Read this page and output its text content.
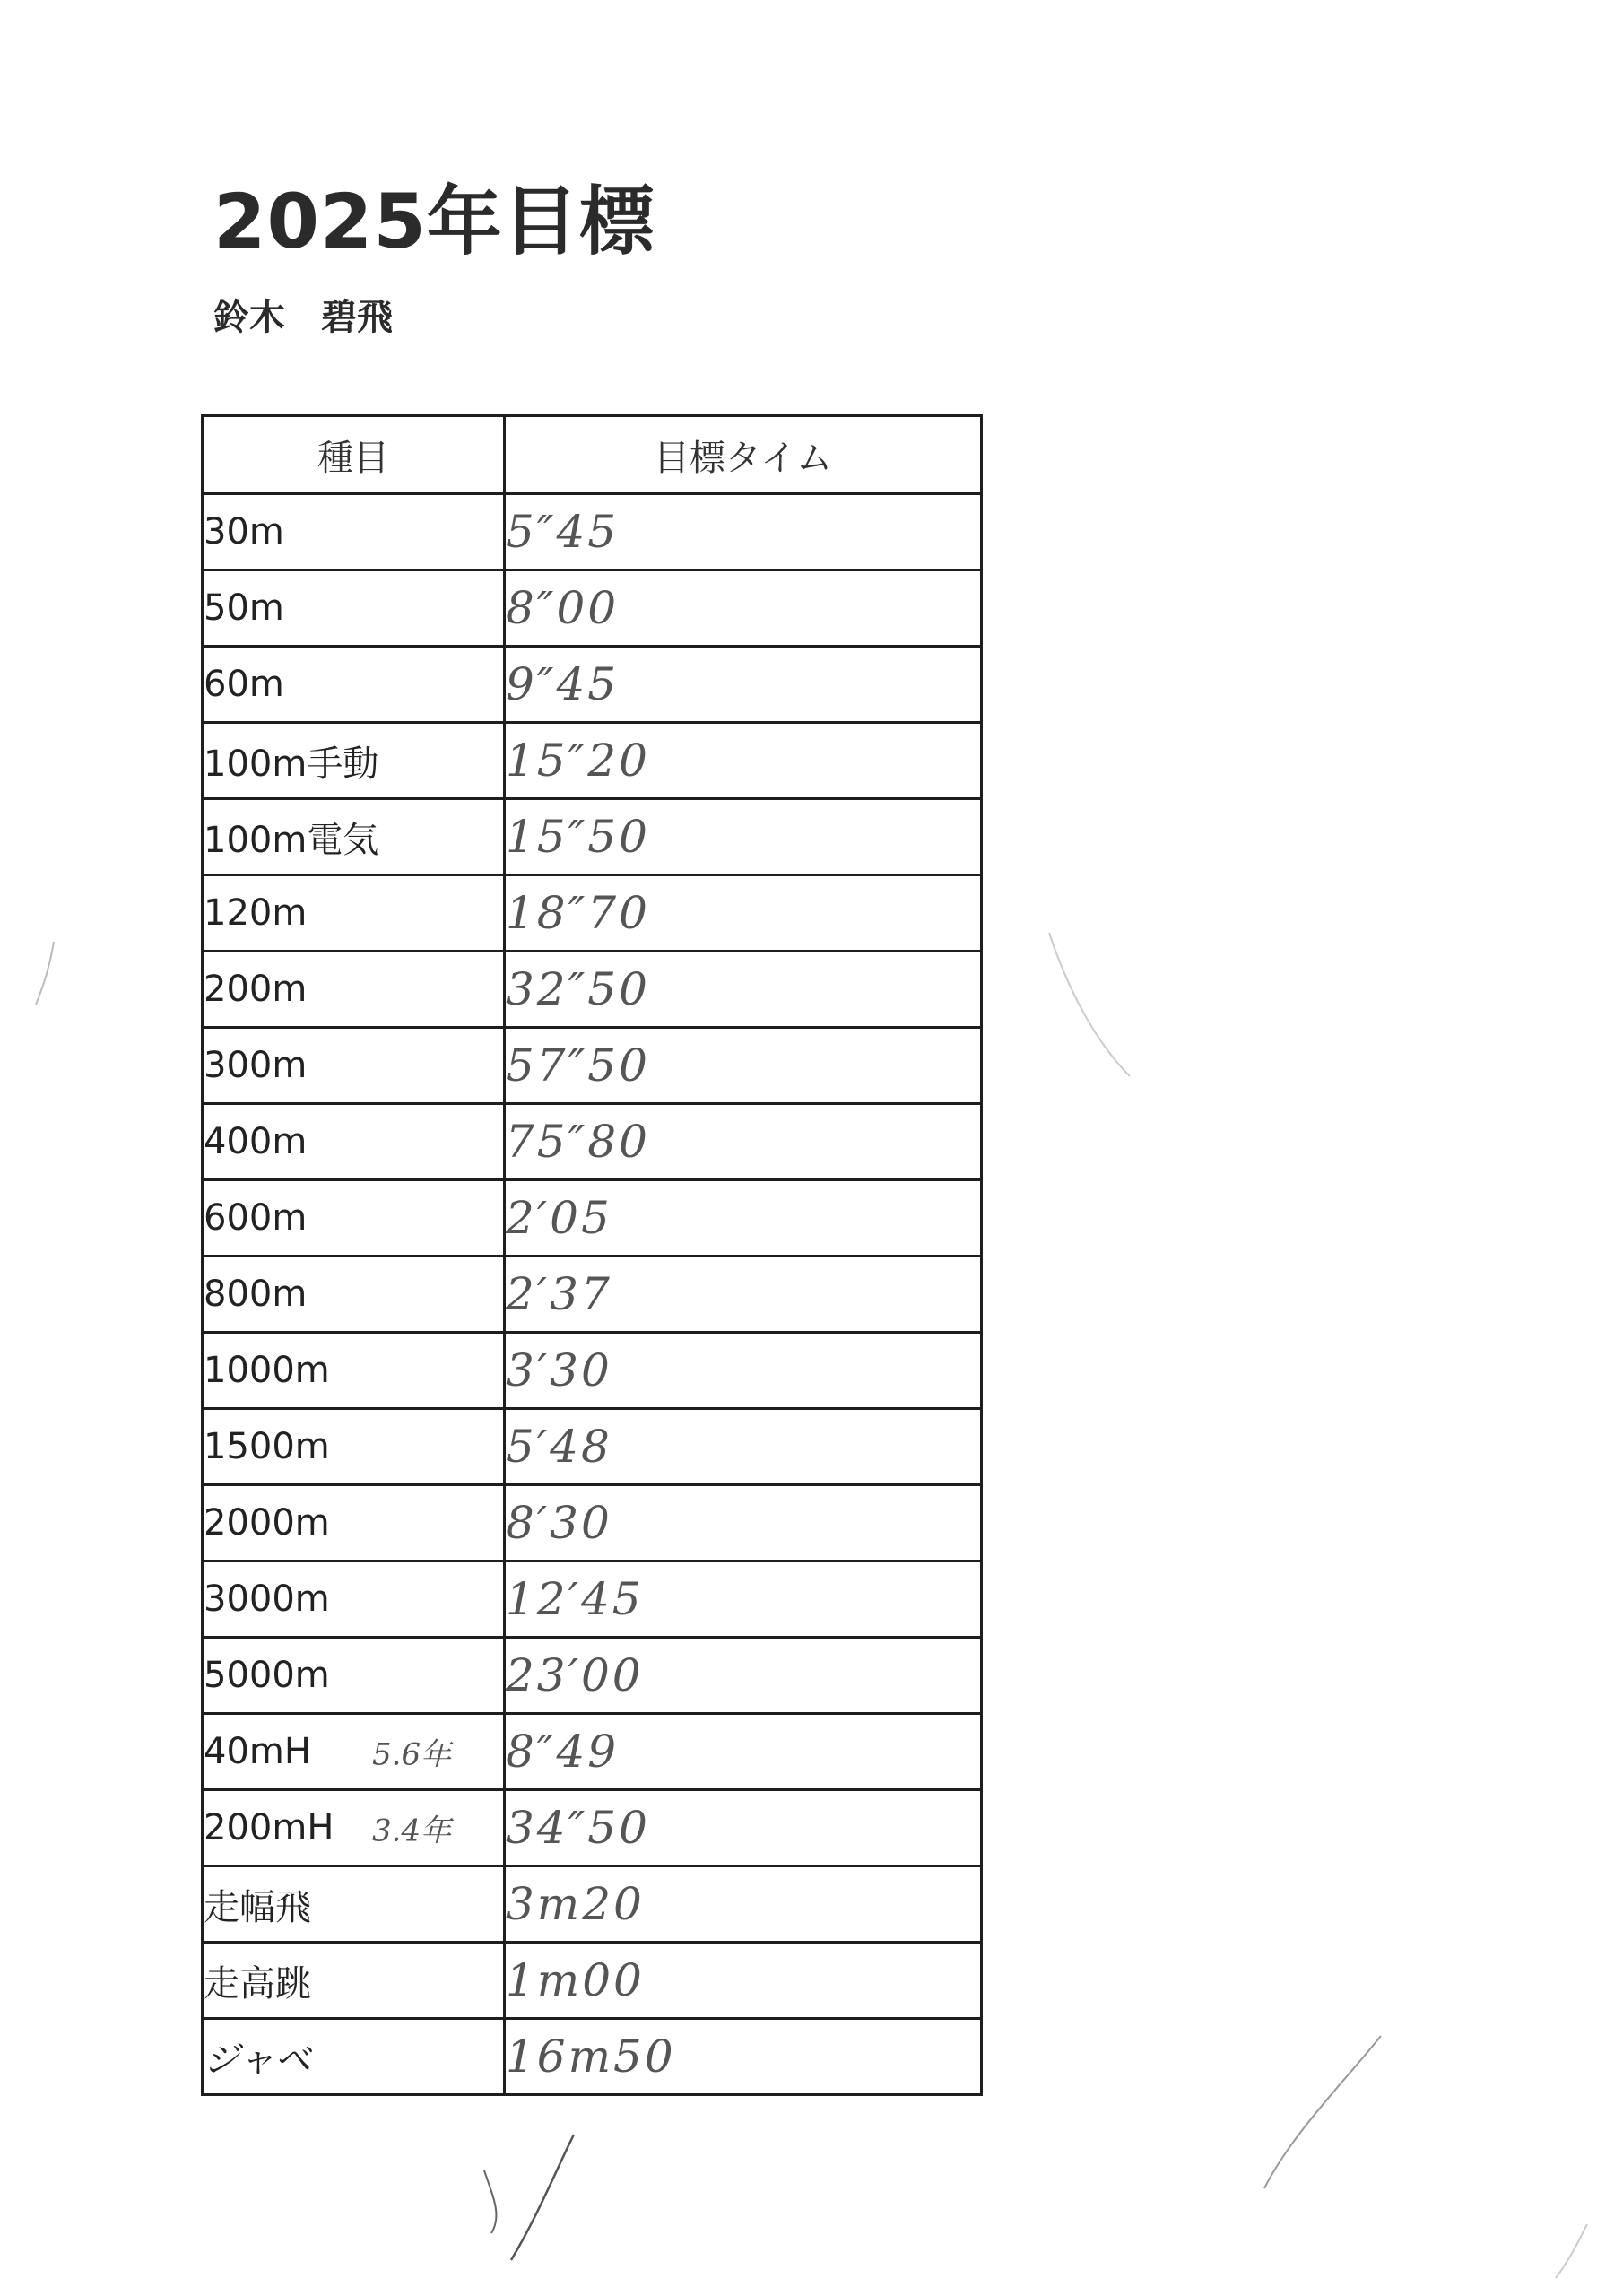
2025年目標
鈴木　碧飛
種目	目標タイム
30m	5″45
50m	8″00
60m	9″45
100m手動	15″20
100m電気	15″50
120m	18″70
200m	32″50
300m	57″50
400m	75″80
600m	2′05
800m	2′37
1000m	3′30
1500m	5′48
2000m	8′30
3000m	12′45
5000m	23′00
40mH 5.6年	8″49
200mH 3.4年	34″50
走幅飛	3m20
走高跳	1m00
ジャベ	16m50
